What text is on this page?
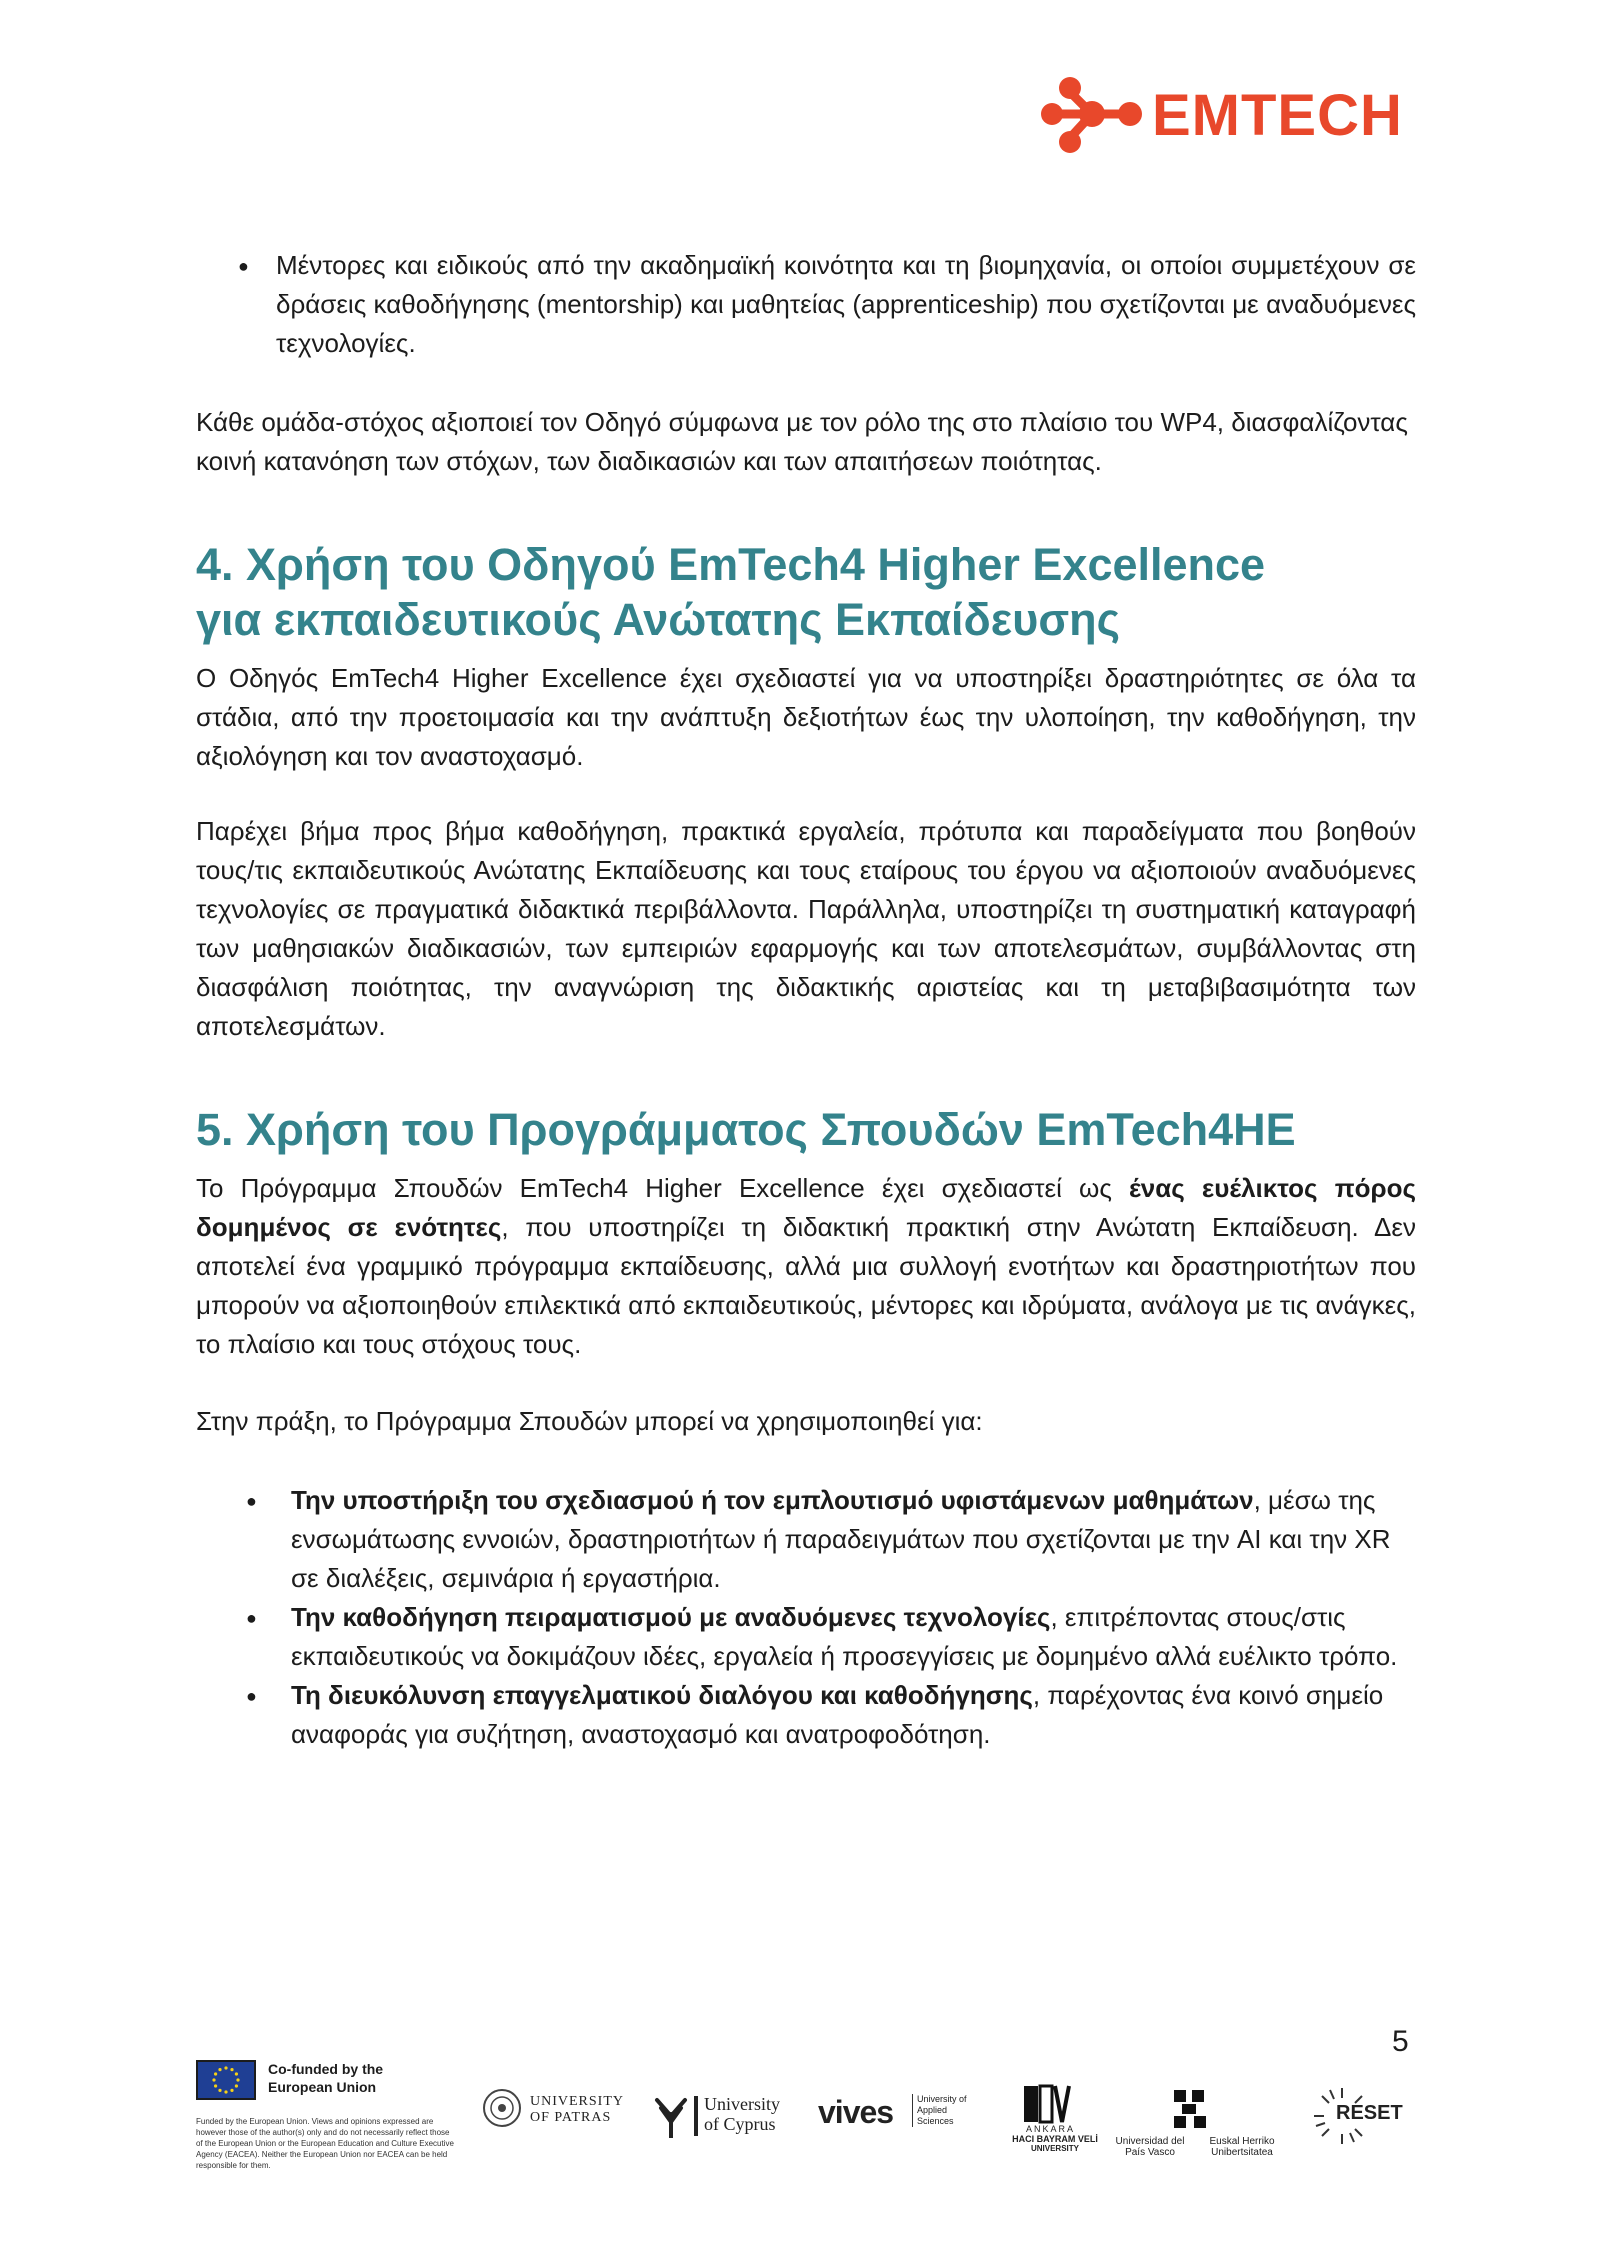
EMTECH
● Μέντορες και ειδικούς από την ακαδημαϊκή κοινότητα και τη βιομηχανία, οι οποίοι συμμετέχουν σε δράσεις καθοδήγησης (mentorship) και μαθητείας (apprenticeship) που σχετίζονται με αναδυόμενες τεχνολογίες.

Κάθε ομάδα-στόχος αξιοποιεί τον Οδηγό σύμφωνα με τον ρόλο της στο πλαίσιο του WP4, διασφαλίζοντας κοινή κατανόηση των στόχων, των διαδικασιών και των απαιτήσεων ποιότητας.

4. Χρήση του Οδηγού EmTech4 Higher Excellence
για εκπαιδευτικούς Ανώτατης Εκπαίδευσης

Ο Οδηγός EmTech4 Higher Excellence έχει σχεδιαστεί για να υποστηρίξει δραστηριότητες σε όλα τα στάδια, από την προετοιμασία και την ανάπτυξη δεξιοτήτων έως την υλοποίηση, την καθοδήγηση, την αξιολόγηση και τον αναστοχασμό.

Παρέχει βήμα προς βήμα καθοδήγηση, πρακτικά εργαλεία, πρότυπα και παραδείγματα που βοηθούν τους/τις εκπαιδευτικούς Ανώτατης Εκπαίδευσης και τους εταίρους του έργου να αξιοποιούν αναδυόμενες τεχνολογίες σε πραγματικά διδακτικά περιβάλλοντα. Παράλληλα, υποστηρίζει τη συστηματική καταγραφή των μαθησιακών διαδικασιών, των εμπειριών εφαρμογής και των αποτελεσμάτων, συμβάλλοντας στη διασφάλιση ποιότητας, την αναγνώριση της διδακτικής αριστείας και τη μεταβιβασιμότητα των αποτελεσμάτων.

5. Χρήση του Προγράμματος Σπουδών EmTech4HE

Το Πρόγραμμα Σπουδών EmTech4 Higher Excellence έχει σχεδιαστεί ως ένας ευέλικτος πόρος δομημένος σε ενότητες, που υποστηρίζει τη διδακτική πρακτική στην Ανώτατη Εκπαίδευση. Δεν αποτελεί ένα γραμμικό πρόγραμμα εκπαίδευσης, αλλά μια συλλογή ενοτήτων και δραστηριοτήτων που μπορούν να αξιοποιηθούν επιλεκτικά από εκπαιδευτικούς, μέντορες και ιδρύματα, ανάλογα με τις ανάγκες, το πλαίσιο και τους στόχους τους.

Στην πράξη, το Πρόγραμμα Σπουδών μπορεί να χρησιμοποιηθεί για:

● Την υποστήριξη του σχεδιασμού ή τον εμπλουτισμό υφιστάμενων μαθημάτων, μέσω της ενσωμάτωσης εννοιών, δραστηριοτήτων ή παραδειγμάτων που σχετίζονται με την AI και την XR σε διαλέξεις, σεμινάρια ή εργαστήρια.
● Την καθοδήγηση πειραματισμού με αναδυόμενες τεχνολογίες, επιτρέποντας στους/στις εκπαιδευτικούς να δοκιμάζουν ιδέες, εργαλεία ή προσεγγίσεις με δομημένο αλλά ευέλικτο τρόπο.
● Τη διευκόλυνση επαγγελματικού διαλόγου και καθοδήγησης, παρέχοντας ένα κοινό σημείο αναφοράς για συζήτηση, αναστοχασμό και ανατροφοδότηση.
5
Co-funded by the European Union
Funded by the European Union. Views and opinions expressed are however those of the author(s) only and do not necessarily reflect those of the European Union or the European Education and Culture Executive Agency (EACEA). Neither the European Union nor EACEA can be held responsible for them.
UNIVERSITY OF PATRAS
University
of Cyprus vives	University of Applied Sciences
ANKARA
HACI BAYRAM VELİ
UNIVERSITY
Universidad del País Vasco
Euskal Herriko Unibertsitatea
RESET
